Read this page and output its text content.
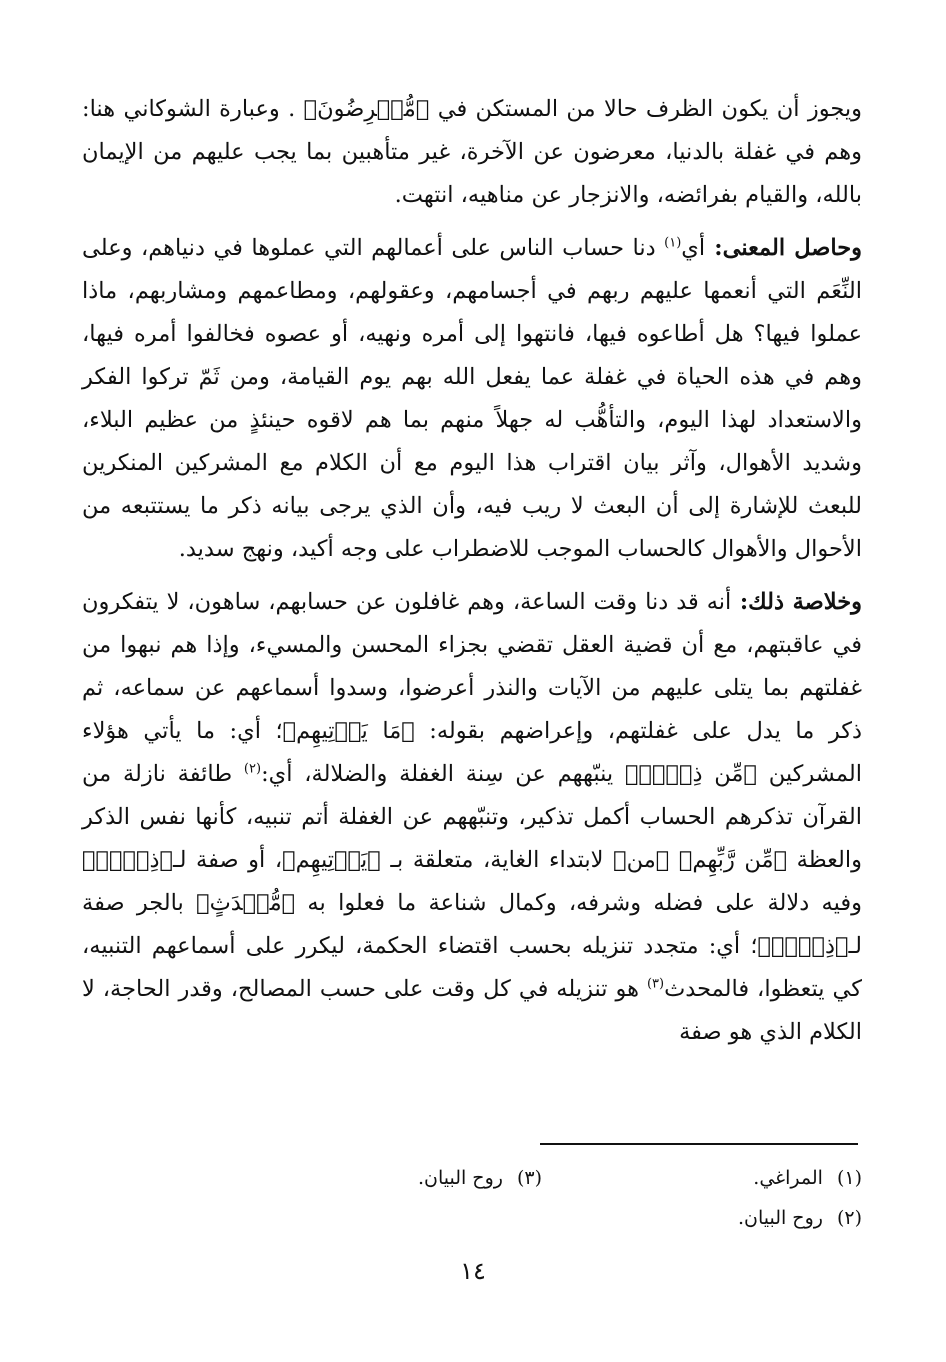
ويجوز أن يكون الظرف حالا من المستكن في ﴿مُّعۡرِضُونَ﴾ . وعبارة الشوكاني هنا: وهم في غفلة بالدنيا، معرضون عن الآخرة، غير متأهبين بما يجب عليهم من الإيمان بالله، والقيام بفرائضه، والانزجار عن مناهيه، انتهت.

وحاصل المعنى: أي$^{(١)}$ دنا حساب الناس على أعمالهم التي عملوها في دنياهم، وعلى النِّعَم التي أنعمها عليهم ربهم في أجسامهم، وعقولهم، ومطاعمهم ومشاربهم، ماذا عملوا فيها؟ هل أطاعوه فيها، فانتهوا إلى أمره ونهيه، أو عصوه فخالفوا أمره فيها، وهم في هذه الحياة في غفلة عما يفعل الله بهم يوم القيامة، ومن ثَمّ تركوا الفكر والاستعداد لهذا اليوم، والتأهُّب له جهلاً منهم بما هم لاقوه حينئذٍ من عظيم البلاء، وشديد الأهوال، وآثر بيان اقتراب هذا اليوم مع أن الكلام مع المشركين المنكرين للبعث للإشارة إلى أن البعث لا ريب فيه، وأن الذي يرجى بيانه ذكر ما يستتبعه من الأحوال والأهوال كالحساب الموجب للاضطراب على وجه أكيد، ونهج سديد.

وخلاصة ذلك: أنه قد دنا وقت الساعة، وهم غافلون عن حسابهم، ساهون، لا يتفكرون في عاقبتهم، مع أن قضية العقل تقضي بجزاء المحسن والمسيء، وإذا هم نبهوا من غفلتهم بما يتلى عليهم من الآيات والنذر أعرضوا، وسدوا أسماعهم عن سماعه، ثم ذكر ما يدل على غفلتهم، وإعراضهم بقوله: ﴿مَا يَأۡتِيهِم﴾؛ أي: ما يأتي هؤلاء المشركين ﴿مِّن ذِكۡرٖ﴾ ينبّههم عن سِنة الغفلة والضلالة، أي:$^{(٢)}$ طائفة نازلة من القرآن تذكرهم الحساب أكمل تذكير، وتنبّههم عن الغفلة أتم تنبيه، كأنها نفس الذكر والعظة ﴿مِّن رَّبِّهِم﴾ ﴿من﴾ لابتداء الغاية، متعلقة بـ ﴿يَأۡتِيهِم﴾، أو صفة لـ﴿ذِكۡرٖ﴾ وفيه دلالة على فضله وشرفه، وكمال شناعة ما فعلوا به ﴿مُّحۡدَثٍ﴾ بالجر صفة لـ﴿ذِكۡرٖ﴾؛ أي: متجدد تنزيله بحسب اقتضاء الحكمة، ليكرر على أسماعهم التنبيه، كي يتعظوا، فالمحدث$^{(٣)}$ هو تنزيله في كل وقت على حسب المصالح، وقدر الحاجة، لا الكلام الذي هو صفة

(١)
المراغي.
(٣)
روح البيان.
(٢)
روح البيان.
١٤
